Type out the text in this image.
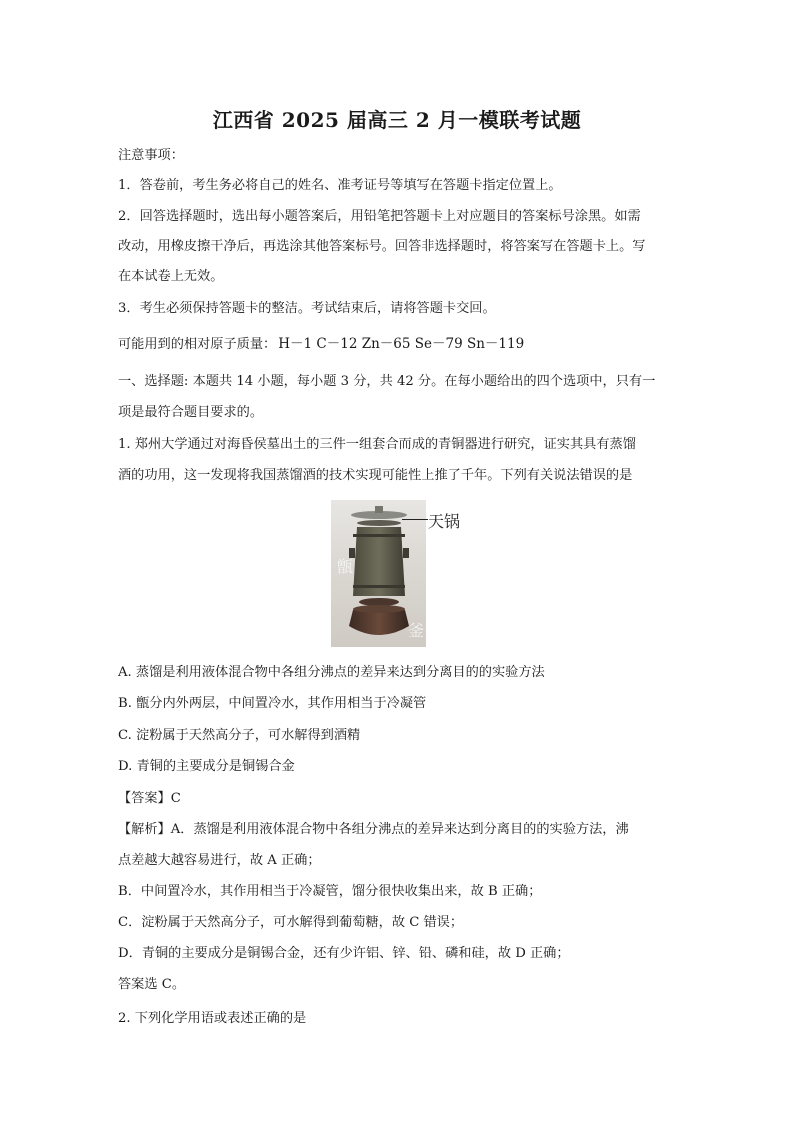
江西省 2025 届高三 2 月一模联考试题
注意事项：
1．答卷前，考生务必将自己的姓名、准考证号等填写在答题卡指定位置上。
2．回答选择题时，选出每小题答案后，用铅笔把答题卡上对应题目的答案标号涂黑。如需
改动，用橡皮擦干净后，再选涂其他答案标号。回答非选择题时，将答案写在答题卡上。写
在本试卷上无效。
3．考生必须保持答题卡的整洁。考试结束后，请将答题卡交回。
可能用到的相对原子质量： H－1 C－12 Zn－65 Se－79 Sn－119
一、选择题: 本题共 14 小题，每小题 3 分，共 42 分。在每小题给出的四个选项中，只有一
项是最符合题目要求的。
1. 郑州大学通过对海昏侯墓出土的三件一组套合而成的青铜器进行研究，证实其具有蒸馏
酒的功用，这一发现将我国蒸馏酒的技术实现可能性上推了千年。下列有关说法错误的是
天锅
甑
釜
A. 蒸馏是利用液体混合物中各组分沸点的差异来达到分离目的的实验方法
B. 甑分内外两层，中间置冷水，其作用相当于冷凝管
C. 淀粉属于天然高分子，可水解得到酒精
D. 青铜的主要成分是铜锡合金
【答案】C
【解析】A．蒸馏是利用液体混合物中各组分沸点的差异来达到分离目的的实验方法，沸
点差越大越容易进行，故 A 正确；
B．中间置冷水，其作用相当于冷凝管，馏分很快收集出来，故 B 正确；
C．淀粉属于天然高分子，可水解得到葡萄糖，故 C 错误；
D．青铜的主要成分是铜锡合金，还有少许铝、锌、铅、磷和硅，故 D 正确；
答案选 C。
2. 下列化学用语或表述正确的是
